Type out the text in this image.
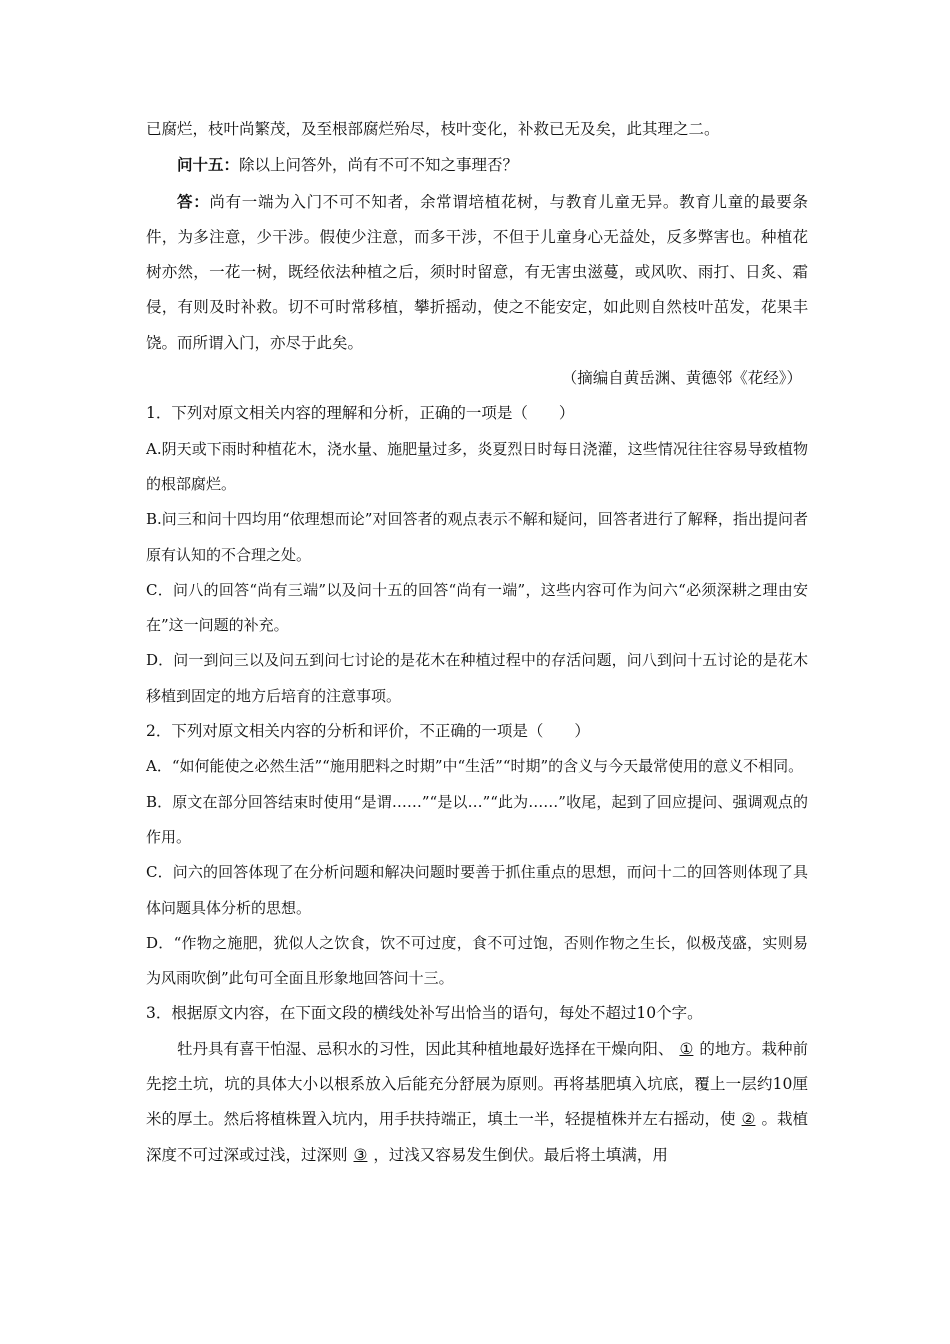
已腐烂，枝叶尚繁茂，及至根部腐烂殆尽，枝叶变化，补救已无及矣，此其理之二。

问十五：除以上问答外，尚有不可不知之事理否？

答：尚有一端为入门不可不知者，余常谓培植花树，与教育儿童无异。教育儿童的最要条件，为多注意，少干涉。假使少注意，而多干涉，不但于儿童身心无益处，反多弊害也。种植花树亦然，一花一树，既经依法种植之后，须时时留意，有无害虫滋蔓，或风吹、雨打、日炙、霜侵，有则及时补救。切不可时常移植，攀折摇动，使之不能安定，如此则自然枝叶茁发，花果丰饶。而所谓入门，亦尽于此矣。

（摘编自黄岳渊、黄德邻《花经》）

1．下列对原文相关内容的理解和分析，正确的一项是（　　）

A.阴天或下雨时种植花木，浇水量、施肥量过多，炎夏烈日时每日浇灌，这些情况往往容易导致植物的根部腐烂。

B.问三和问十四均用“依理想而论”对回答者的观点表示不解和疑问，回答者进行了解释，指出提问者原有认知的不合理之处。

C．问八的回答“尚有三端”以及问十五的回答“尚有一端”，这些内容可作为问六“必须深耕之理由安在”这一问题的补充。

D．问一到问三以及问五到问七讨论的是花木在种植过程中的存活问题，问八到问十五讨论的是花木移植到固定的地方后培育的注意事项。

2．下列对原文相关内容的分析和评价，不正确的一项是（　　）

A．“如何能使之必然生活”“施用肥料之时期”中“生活”“时期”的含义与今天最常使用的意义不相同。

B．原文在部分回答结束时使用“是谓……”“是以…”“此为……”收尾，起到了回应提问、强调观点的作用。

C．问六的回答体现了在分析问题和解决问题时要善于抓住重点的思想，而问十二的回答则体现了具体问题具体分析的思想。

D．“作物之施肥，犹似人之饮食，饮不可过度，食不可过饱，否则作物之生长，似极茂盛，实则易为风雨吹倒”此句可全面且形象地回答问十三。

3．根据原文内容，在下面文段的横线处补写出恰当的语句，每处不超过10个字。

牡丹具有喜干怕湿、忌积水的习性，因此其种植地最好选择在干燥向阳、 ① 的地方。栽种前先挖土坑，坑的具体大小以根系放入后能充分舒展为原则。再将基肥填入坑底，覆上一层约10厘米的厚土。然后将植株置入坑内，用手扶持端正，填土一半，轻提植株并左右摇动，使 ② 。栽植深度不可过深或过浅，过深则 ③ ，过浅又容易发生倒伏。最后将土填满，用
